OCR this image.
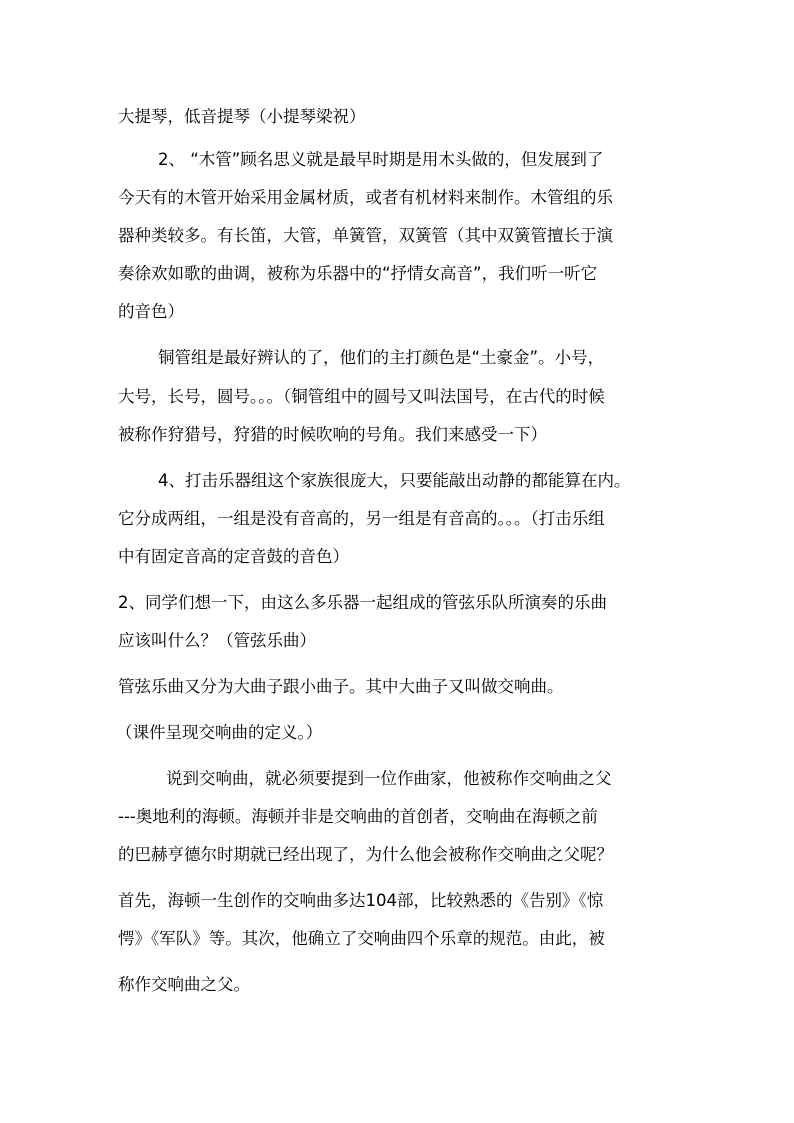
大提琴，低音提琴（小提琴梁祝）
2、 “木管”顾名思义就是最早时期是用木头做的，但发展到了
今天有的木管开始采用金属材质，或者有机材料来制作。木管组的乐
器种类较多。有长笛，大管，单簧管，双簧管（其中双簧管擅长于演
奏徐欢如歌的曲调，被称为乐器中的“抒情女高音”，我们听一听它
的音色）
铜管组是最好辨认的了，他们的主打颜色是“土豪金”。小号，
大号，长号，圆号。。。（铜管组中的圆号又叫法国号，在古代的时候
被称作狩猎号，狩猎的时候吹响的号角。我们来感受一下）
4、打击乐器组这个家族很庞大，只要能敲出动静的都能算在内。
它分成两组，一组是没有音高的，另一组是有音高的。。。（打击乐组
中有固定音高的定音鼓的音色）
2、同学们想一下，由这么多乐器一起组成的管弦乐队所演奏的乐曲
应该叫什么？（管弦乐曲）
管弦乐曲又分为大曲子跟小曲子。其中大曲子又叫做交响曲。
（课件呈现交响曲的定义。）
说到交响曲，就必须要提到一位作曲家，他被称作交响曲之父
---奥地利的海顿。海顿并非是交响曲的首创者，交响曲在海顿之前
的巴赫亨德尔时期就已经出现了，为什么他会被称作交响曲之父呢？
首先，海顿一生创作的交响曲多达104部，比较熟悉的《告别》《惊
愕》《军队》等。其次，他确立了交响曲四个乐章的规范。由此，被
称作交响曲之父。
